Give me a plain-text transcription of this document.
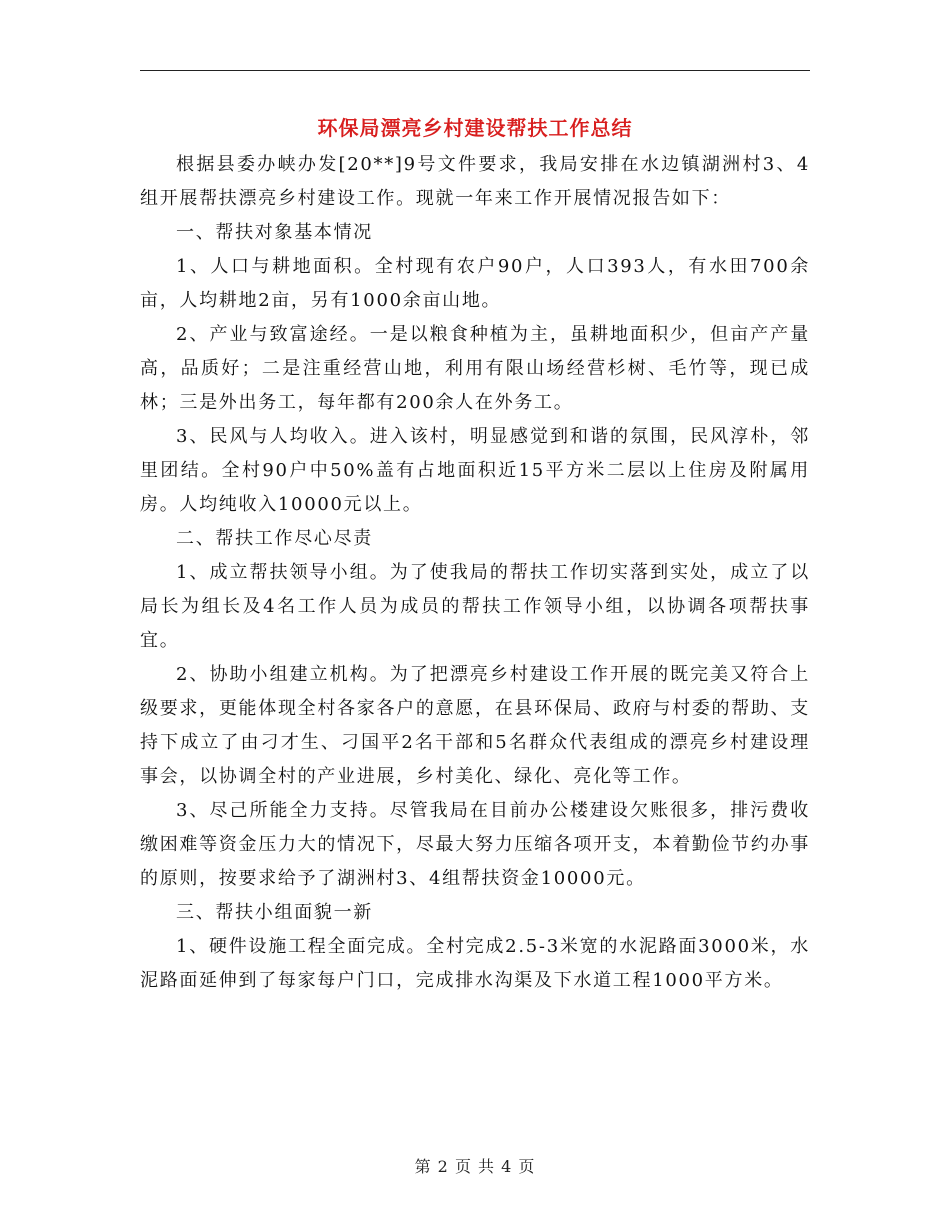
环保局漂亮乡村建设帮扶工作总结

根据县委办峡办发[20**]9号文件要求，我局安排在水边镇湖洲村3、4组开展帮扶漂亮乡村建设工作。现就一年来工作开展情况报告如下：

一、帮扶对象基本情况

1、人口与耕地面积。全村现有农户90户，人口393人，有水田700余亩，人均耕地2亩，另有1000余亩山地。

2、产业与致富途经。一是以粮食种植为主，虽耕地面积少，但亩产产量高，品质好；二是注重经营山地，利用有限山场经营杉树、毛竹等，现已成林；三是外出务工，每年都有200余人在外务工。

3、民风与人均收入。进入该村，明显感觉到和谐的氛围，民风淳朴，邻里团结。全村90户中50%盖有占地面积近15平方米二层以上住房及附属用房。人均纯收入10000元以上。

二、帮扶工作尽心尽责

1、成立帮扶领导小组。为了使我局的帮扶工作切实落到实处，成立了以局长为组长及4名工作人员为成员的帮扶工作领导小组，以协调各项帮扶事宜。

2、协助小组建立机构。为了把漂亮乡村建设工作开展的既完美又符合上级要求，更能体现全村各家各户的意愿，在县环保局、政府与村委的帮助、支持下成立了由刁才生、刁国平2名干部和5名群众代表组成的漂亮乡村建设理事会，以协调全村的产业进展，乡村美化、绿化、亮化等工作。

3、尽己所能全力支持。尽管我局在目前办公楼建设欠账很多，排污费收缴困难等资金压力大的情况下，尽最大努力压缩各项开支，本着勤俭节约办事的原则，按要求给予了湖洲村3、4组帮扶资金10000元。

三、帮扶小组面貌一新

1、硬件设施工程全面完成。全村完成2.5-3米宽的水泥路面3000米，水泥路面延伸到了每家每户门口，完成排水沟渠及下水道工程1000平方米。

第 2 页 共 4 页
